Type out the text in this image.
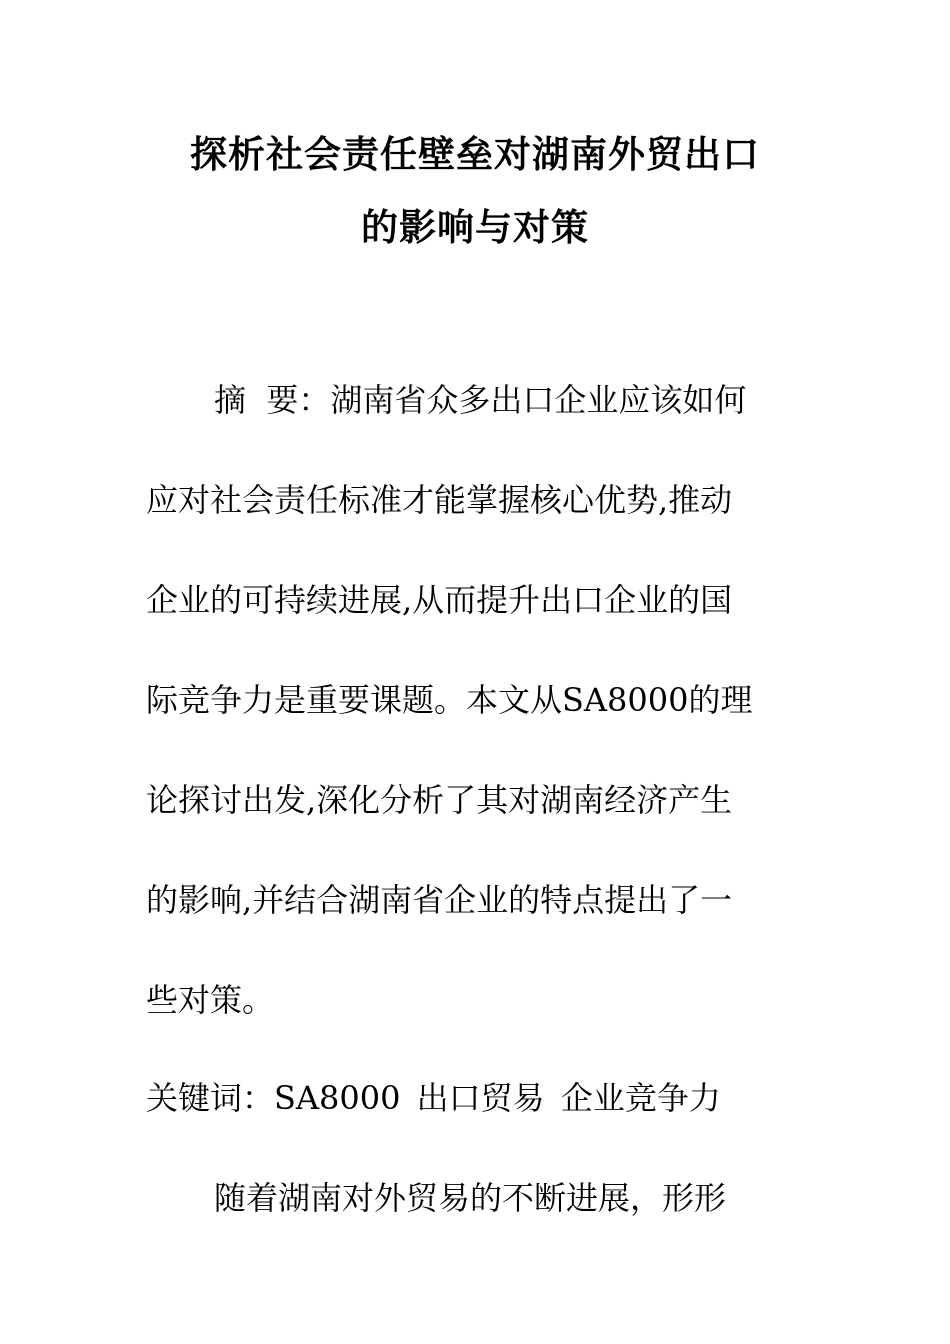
探析社会责任壁垒对湖南外贸出口
的影响与对策
摘  要：湖南省众多出口企业应该如何
应对社会责任标准才能掌握核心优势,推动
企业的可持续进展,从而提升出口企业的国
际竞争力是重要课题。本文从SA8000的理
论探讨出发,深化分析了其对湖南经济产生
的影响,并结合湖南省企业的特点提出了一
些对策。
关键词：SA8000 出口贸易 企业竞争力
随着湖南对外贸易的不断进展，形形
